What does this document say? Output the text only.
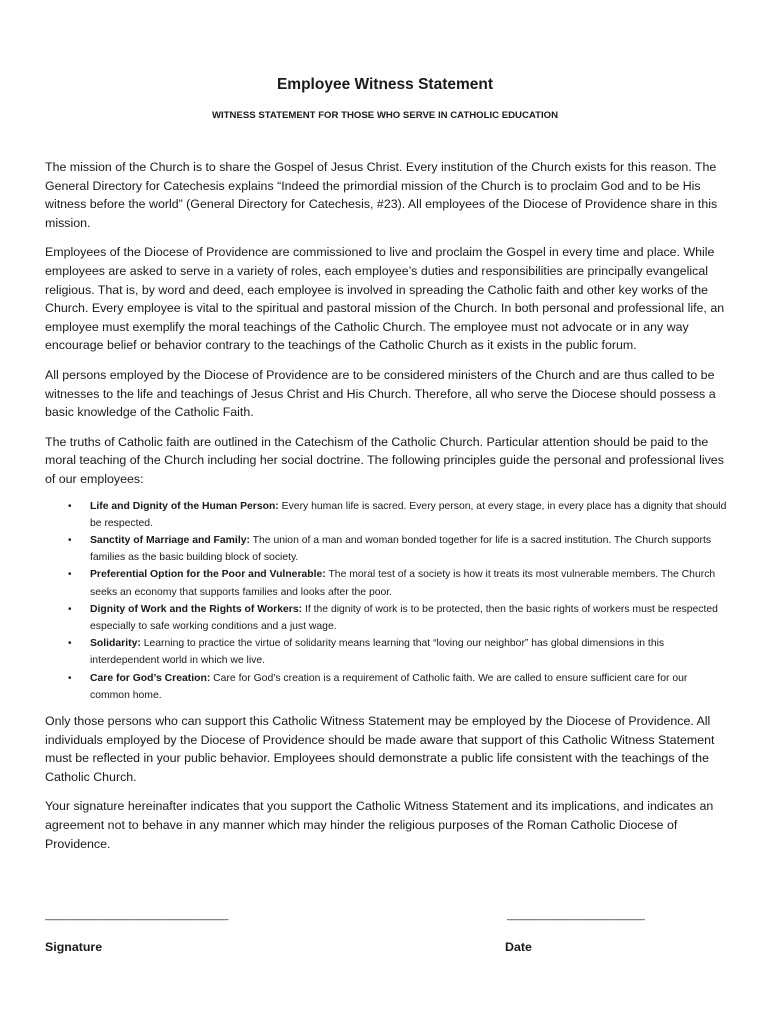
Employee Witness Statement
WITNESS STATEMENT FOR THOSE WHO SERVE IN CATHOLIC EDUCATION

The mission of the Church is to share the Gospel of Jesus Christ. Every institution of the Church exists for this reason. The General Directory for Catechesis explains “Indeed the primordial mission of the Church is to proclaim God and to be His witness before the world” (General Directory for Catechesis, #23). All employees of the Diocese of Providence share in this mission.

Employees of the Diocese of Providence are commissioned to live and proclaim the Gospel in every time and place. While employees are asked to serve in a variety of roles, each employee’s duties and responsibilities are principally evangelical religious. That is, by word and deed, each employee is involved in spreading the Catholic faith and other key works of the Church. Every employee is vital to the spiritual and pastoral mission of the Church. In both personal and professional life, an employee must exemplify the moral teachings of the Catholic Church. The employee must not advocate or in any way encourage belief or behavior contrary to the teachings of the Catholic Church as it exists in the public forum.

All persons employed by the Diocese of Providence are to be considered ministers of the Church and are thus called to be witnesses to the life and teachings of Jesus Christ and His Church. Therefore, all who serve the Diocese should possess a basic knowledge of the Catholic Faith.

The truths of Catholic faith are outlined in the Catechism of the Catholic Church. Particular attention should be paid to the moral teaching of the Church including her social doctrine. The following principles guide the personal and professional lives of our employees:

• Life and Dignity of the Human Person: Every human life is sacred. Every person, at every stage, in every place has a dignity that should be respected.
• Sanctity of Marriage and Family: The union of a man and woman bonded together for life is a sacred institution. The Church supports families as the basic building block of society.
• Preferential Option for the Poor and Vulnerable: The moral test of a society is how it treats its most vulnerable members. The Church seeks an economy that supports families and looks after the poor.
• Dignity of Work and the Rights of Workers: If the dignity of work is to be protected, then the basic rights of workers must be respected especially to safe working conditions and a just wage.
• Solidarity: Learning to practice the virtue of solidarity means learning that “loving our neighbor” has global dimensions in this interdependent world in which we live.
• Care for God’s Creation: Care for God’s creation is a requirement of Catholic faith. We are called to ensure sufficient care for our common home.

Only those persons who can support this Catholic Witness Statement may be employed by the Diocese of Providence. All individuals employed by the Diocese of Providence should be made aware that support of this Catholic Witness Statement must be reflected in your public behavior. Employees should demonstrate a public life consistent with the teachings of the Catholic Church.

Your signature hereinafter indicates that you support the Catholic Witness Statement and its implications, and indicates an agreement not to behave in any manner which may hinder the religious purposes of the Roman Catholic Diocese of Providence.

________________________________________	______________________________
Signature	Date
